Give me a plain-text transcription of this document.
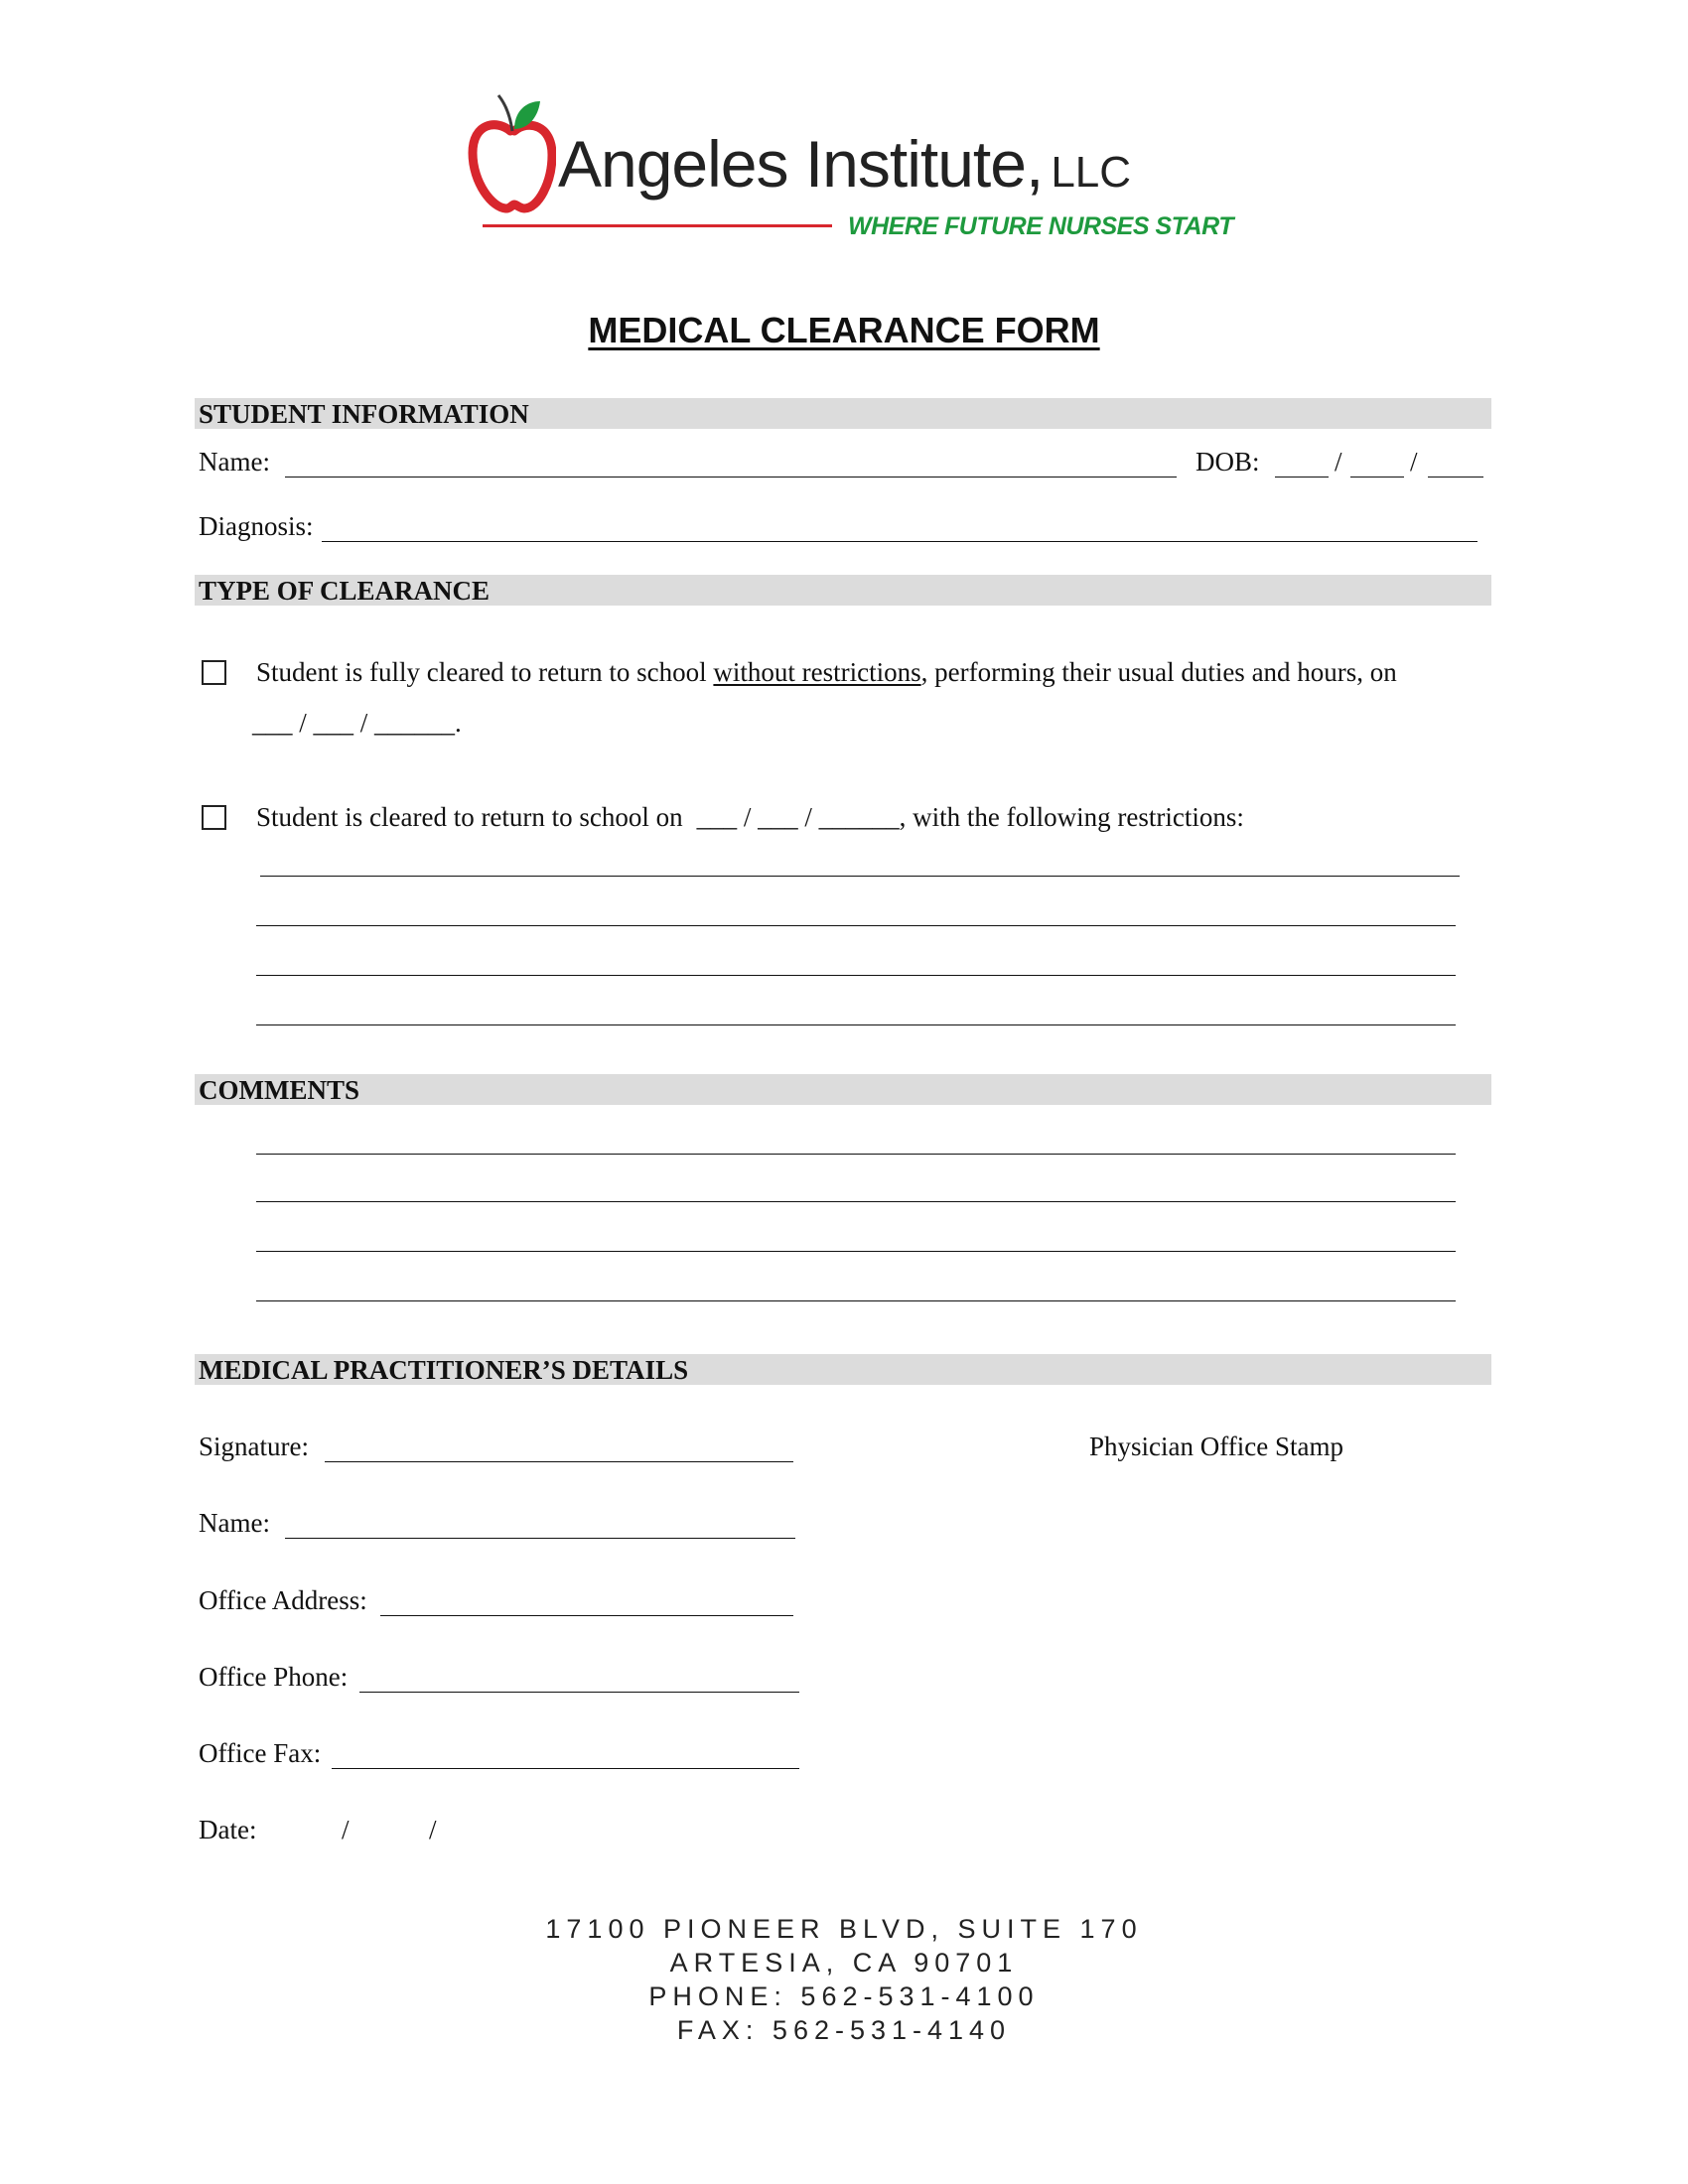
Angeles Institute, LLC
WHERE FUTURE NURSES START
MEDICAL CLEARANCE FORM
STUDENT INFORMATION
Name:	DOB:	/	/
Diagnosis:
TYPE OF CLEARANCE
Student is fully cleared to return to school without restrictions, performing their usual duties and hours, on
___ / ___ / ______.
Student is cleared to return to school on ___ / ___ / ______, with the following restrictions:
COMMENTS
MEDICAL PRACTITIONER’S DETAILS
Signature:	Physician Office Stamp
Name:
Office Address:
Office Phone:
Office Fax:
Date:	/	/
17100 PIONEER BLVD, SUITE 170
ARTESIA, CA 90701
PHONE: 562-531-4100
FAX: 562-531-4140
